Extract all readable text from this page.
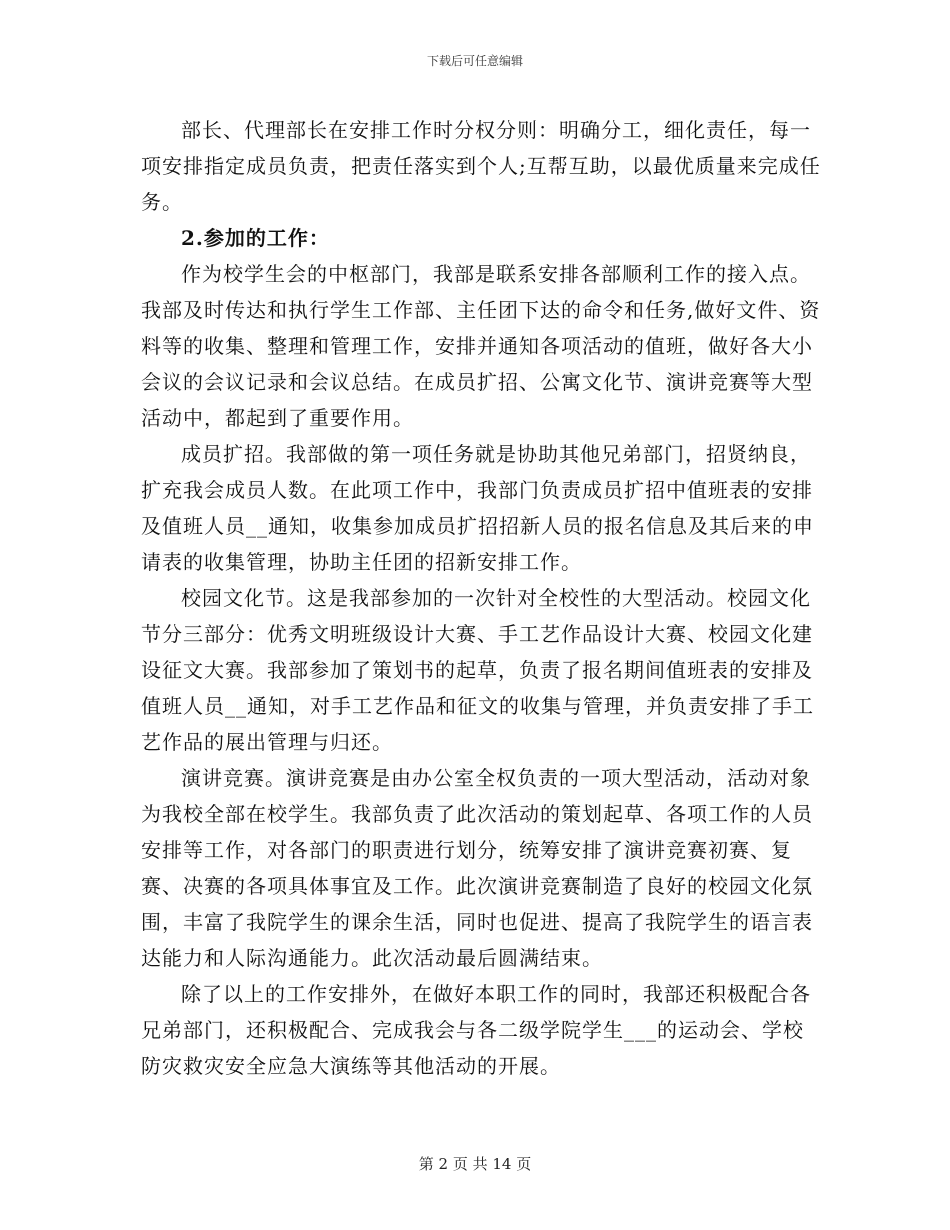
下载后可任意编辑

部长、代理部长在安排工作时分权分则：明确分工，细化责任，每一项安排指定成员负责，把责任落实到个人;互帮互助，以最优质量来完成任务。

2.参加的工作：

作为校学生会的中枢部门，我部是联系安排各部顺利工作的接入点。我部及时传达和执行学生工作部、主任团下达的命令和任务,做好文件、资料等的收集、整理和管理工作，安排并通知各项活动的值班，做好各大小会议的会议记录和会议总结。在成员扩招、公寓文化节、演讲竞赛等大型活动中，都起到了重要作用。

成员扩招。我部做的第一项任务就是协助其他兄弟部门，招贤纳良，扩充我会成员人数。在此项工作中，我部门负责成员扩招中值班表的安排及值班人员__通知，收集参加成员扩招招新人员的报名信息及其后来的申请表的收集管理，协助主任团的招新安排工作。

校园文化节。这是我部参加的一次针对全校性的大型活动。校园文化节分三部分：优秀文明班级设计大赛、手工艺作品设计大赛、校园文化建设征文大赛。我部参加了策划书的起草，负责了报名期间值班表的安排及值班人员__通知，对手工艺作品和征文的收集与管理，并负责安排了手工艺作品的展出管理与归还。

演讲竞赛。演讲竞赛是由办公室全权负责的一项大型活动，活动对象为我校全部在校学生。我部负责了此次活动的策划起草、各项工作的人员安排等工作，对各部门的职责进行划分，统筹安排了演讲竞赛初赛、复赛、决赛的各项具体事宜及工作。此次演讲竞赛制造了良好的校园文化氛围，丰富了我院学生的课余生活，同时也促进、提高了我院学生的语言表达能力和人际沟通能力。此次活动最后圆满结束。

除了以上的工作安排外，在做好本职工作的同时，我部还积极配合各兄弟部门，还积极配合、完成我会与各二级学院学生___的运动会、学校防灾救灾安全应急大演练等其他活动的开展。

第 2 页 共 14 页
